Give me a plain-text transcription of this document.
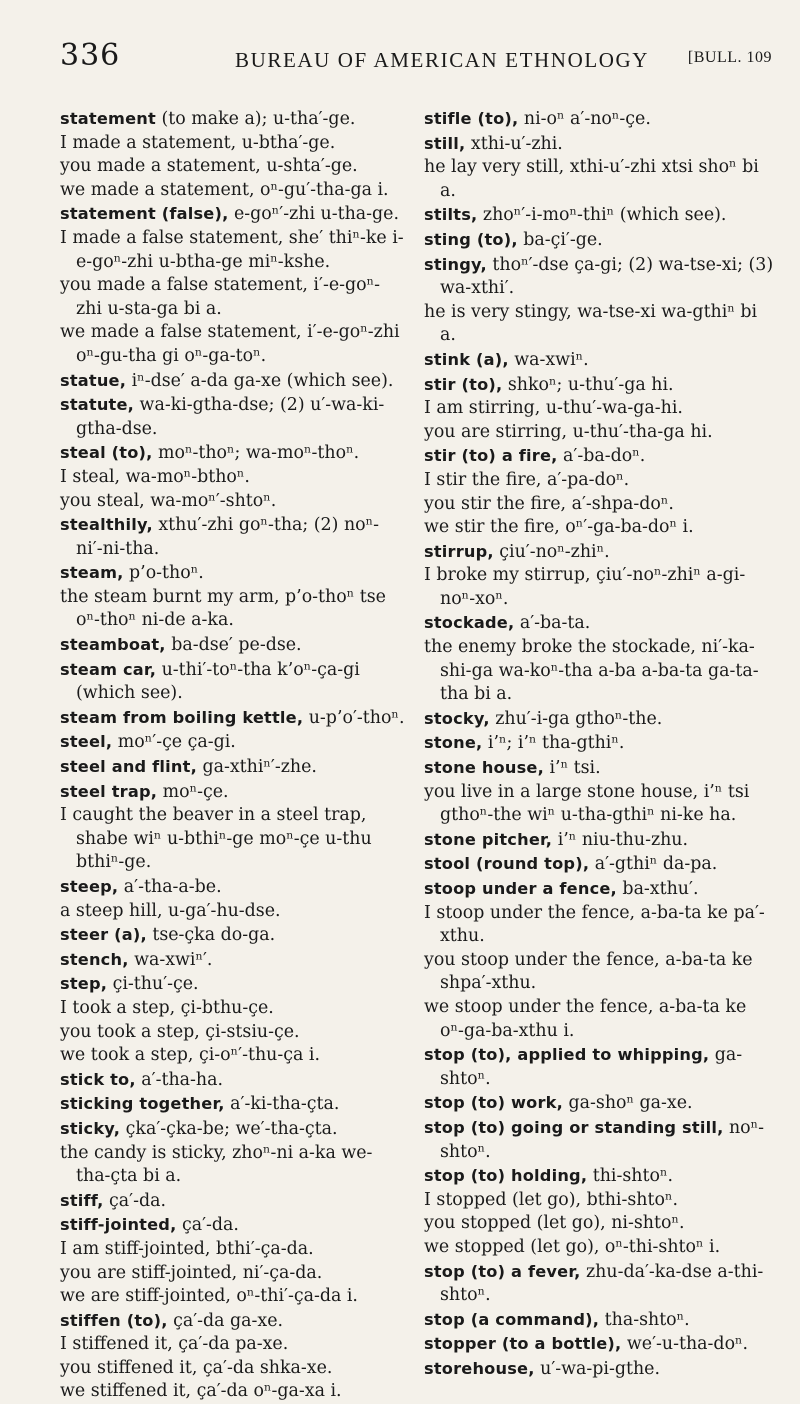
336	BUREAU OF AMERICAN ETHNOLOGY [BULL. 109

statement (to make a); u-tha′-ge.

I made a statement, u-btha′-ge.

you made a statement, u-shta′-ge.

we made a statement, oⁿ-gu′-tha-ga i.

statement (false), e-goⁿ′-zhi u-tha-ge.

I made a false statement, she′ thiⁿ-ke i-e-goⁿ-zhi u-btha-ge miⁿ-kshe.

you made a false statement, i′-e-goⁿ-zhi u-sta-ga bi a.

we made a false statement, i′-e-goⁿ-zhi oⁿ-gu-tha gi oⁿ-ga-toⁿ.

statue, iⁿ-dse′ a-da ga-xe (which see).

statute, wa-ki-gtha-dse; (2) u′-wa-ki-gtha-dse.

steal (to), moⁿ-thoⁿ; wa-moⁿ-thoⁿ.

I steal, wa-moⁿ-bthoⁿ.

you steal, wa-moⁿ′-shtoⁿ.

stealthily, xthu′-zhi goⁿ-tha; (2) noⁿ-ni′-ni-tha.

steam, p’o-thoⁿ.

the steam burnt my arm, p’o-thoⁿ tse oⁿ-thoⁿ ni-de a-ka.

steamboat, ba-dse′ pe-dse.

steam car, u-thi′-toⁿ-tha k’oⁿ-ça-gi (which see).

steam from boiling kettle, u-p’o′-thoⁿ.

steel, moⁿ′-çe ça-gi.

steel and flint, ga-xthiⁿ′-zhe.

steel trap, moⁿ-çe.

I caught the beaver in a steel trap, shabe wiⁿ u-bthiⁿ-ge moⁿ-çe u-thu bthiⁿ-ge.

steep, a′-tha-a-be.

a steep hill, u-ga′-hu-dse.

steer (a), tse-çka do-ga.

stench, wa-xwiⁿ′.

step, çi-thu′-çe.

I took a step, çi-bthu-çe.

you took a step, çi-stsiu-çe.

we took a step, çi-oⁿ′-thu-ça i.

stick to, a′-tha-ha.

sticking together, a′-ki-tha-çta.

sticky, çka′-çka-be; we′-tha-çta.

the candy is sticky, zhoⁿ-ni a-ka we-tha-çta bi a.

stiff, ça′-da.

stiff-jointed, ça′-da.

I am stiff-jointed, bthi′-ça-da.

you are stiff-jointed, ni′-ça-da.

we are stiff-jointed, oⁿ-thi′-ça-da i.

stiffen (to), ça′-da ga-xe.

I stiffened it, ça′-da pa-xe.

you stiffened it, ça′-da shka-xe.

we stiffened it, ça′-da oⁿ-ga-xa i.

stifle (to), ni-oⁿ a′-noⁿ-çe.

still, xthi-u′-zhi.

he lay very still, xthi-u′-zhi xtsi shoⁿ bi a.

stilts, zhoⁿ′-i-moⁿ-thiⁿ (which see).

sting (to), ba-çi′-ge.

stingy, thoⁿ′-dse ça-gi; (2) wa-tse-xi; (3) wa-xthi′.

he is very stingy, wa-tse-xi wa-gthiⁿ bi a.

stink (a), wa-xwiⁿ.

stir (to), shkoⁿ; u-thu′-ga hi.

I am stirring, u-thu′-wa-ga-hi.

you are stirring, u-thu′-tha-ga hi.

stir (to) a fire, a′-ba-doⁿ.

I stir the fire, a′-pa-doⁿ.

you stir the fire, a′-shpa-doⁿ.

we stir the fire, oⁿ′-ga-ba-doⁿ i.

stirrup, çiu′-noⁿ-zhiⁿ.

I broke my stirrup, çiu′-noⁿ-zhiⁿ a-gi-noⁿ-xoⁿ.

stockade, a′-ba-ta.

the enemy broke the stockade, ni′-ka-shi-ga wa-koⁿ-tha a-ba a-ba-ta ga-ta-tha bi a.

stocky, zhu′-i-ga gthoⁿ-the.

stone, i’ⁿ; i’ⁿ tha-gthiⁿ.

stone house, i’ⁿ tsi.

you live in a large stone house, i’ⁿ tsi gthoⁿ-the wiⁿ u-tha-gthiⁿ ni-ke ha.

stone pitcher, i’ⁿ niu-thu-zhu.

stool (round top), a′-gthiⁿ da-pa.

stoop under a fence, ba-xthu′.

I stoop under the fence, a-ba-ta ke pa′-xthu.

you stoop under the fence, a-ba-ta ke shpa′-xthu.

we stoop under the fence, a-ba-ta ke oⁿ-ga-ba-xthu i.

stop (to), applied to whipping, ga-shtoⁿ.

stop (to) work, ga-shoⁿ ga-xe.

stop (to) going or standing still, noⁿ-shtoⁿ.

stop (to) holding, thi-shtoⁿ.

I stopped (let go), bthi-shtoⁿ.

you stopped (let go), ni-shtoⁿ.

we stopped (let go), oⁿ-thi-shtoⁿ i.

stop (to) a fever, zhu-da′-ka-dse a-thi-shtoⁿ.

stop (a command), tha-shtoⁿ.

stopper (to a bottle), we′-u-tha-doⁿ.

storehouse, u′-wa-pi-gthe.
